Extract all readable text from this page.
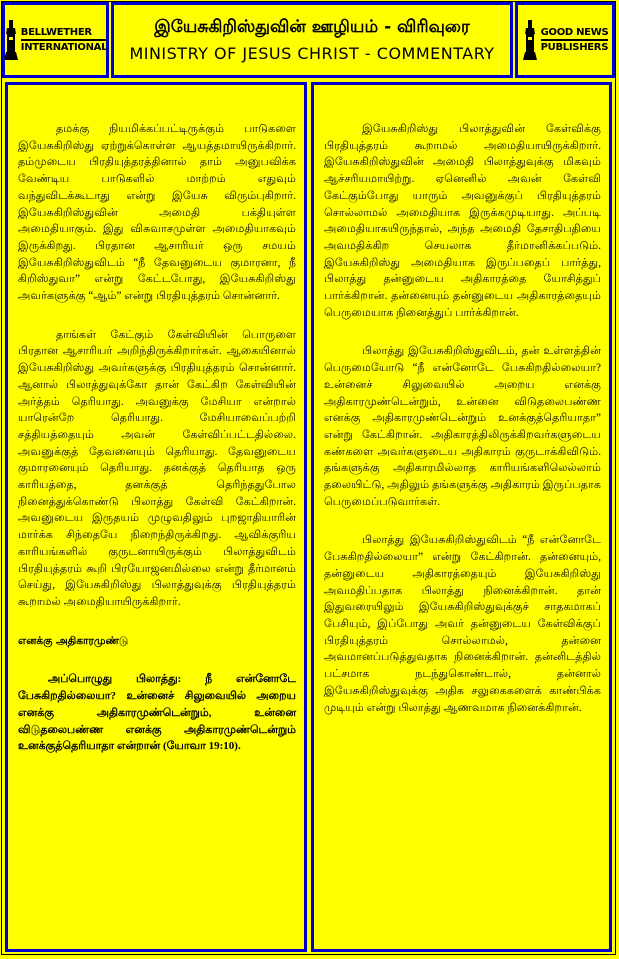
BELLWETHER
INTERNATIONAL
இயேசுகிறிஸ்துவின் ஊழியம் - விரிவுரை
MINISTRY OF JESUS CHRIST - COMMENTARY
GOOD NEWS
PUBLISHERS

தமக்கு நியமிக்கப்பட்டிருக்கும் பாடுகளை இயேசுகிறிஸ்து ஏற்றுக்கொள்ள ஆயத்தமாயிருக்கிறார். தம்முடைய பிரதியுத்தரத்தினால் தாம் அனுபவிக்க வேண்டிய பாடுகளில் மாற்றம் எதுவும் வந்துவிடக்கூடாது என்று இயேசு விரும்புகிறார். இயேசுகிறிஸ்துவின் அமைதி பக்தியுள்ள அமைதியாகும். இது விசுவாசமுள்ள அமைதியாகவும் இருக்கிறது. பிரதான ஆசாரியர் ஒரு சமயம் இயேசுகிறிஸ்துவிடம் “நீ தேவனுடைய குமாரனா, நீ கிறிஸ்துவா” என்று கேட்டபோது, இயேசுகிறிஸ்து அவர்களுக்கு “ஆம்” என்று பிரதியுத்தரம் சொன்னார்.

தாங்கள் கேட்கும் கேள்வியின் பொருளை பிரதான ஆசாரியர் அறிந்திருக்கிறார்கள். ஆகையினால் இயேசுகிறிஸ்து அவர்களுக்கு பிரதியுத்தரம் சொன்னார். ஆனால் பிலாத்துவுக்கோ தான் கேட்கிற கேள்வியின் அர்த்தம் தெரியாது. அவனுக்கு மேசியா என்றால் யாரென்றே தெரியாது. மேசியாவைப்பற்றி சத்தியத்தையும் அவன் கேள்விப்பட்டதில்லை. அவனுக்குத் தேவனையும் தெரியாது. தேவனுடைய குமாரனையும் தெரியாது. தனக்குத் தெரியாத ஒரு காரியத்தை, தனக்குத் தெரிந்ததுபோல நினைத்துக்கொண்டு பிலாத்து கேள்வி கேட்கிறான். அவனுடைய இருதயம் முழுவதிலும் புறஜாதியாரின் மார்க்க சிந்தையே நிறைந்திருக்கிறது. ஆவிக்குரிய காரியங்களில் குருடனாயிருக்கும் பிலாத்துவிடம் பிரதியுத்தரம் கூறி பிரயோஜனமில்லை என்று தீர்மானம் செய்து, இயேசுகிறிஸ்து பிலாத்துவுக்கு பிரதியுத்தரம் கூறாமல் அமைதியாயிருக்கிறார்.

எனக்கு அதிகாரமுண்டு

அப்பொழுது பிலாத்து: நீ என்னோடே பேசுகிறதில்லையா? உன்னைச் சிலுவையில் அறைய எனக்கு அதிகாரமுண்டென்றும், உன்னை விடுதலைபண்ண எனக்கு அதிகாரமுண்டென்றும் உனக்குத்தெரியாதா என்றான் (யோவா 19:10).

இயேசுகிறிஸ்து பிலாத்துவின் கேள்விக்கு பிரதியுத்தரம் கூறாமல் அமைதியாயிருக்கிறார். இயேசுகிறிஸ்துவின் அமைதி பிலாத்துவுக்கு மிகவும் ஆச்சரியமாயிற்று. ஏனெனில் அவன் கேள்வி கேட்கும்போது யாரும் அவனுக்குப் பிரதியுத்தரம் சொல்லாமல் அமைதியாக இருக்கமுடியாது. அப்படி அமைதியாகயிருந்தால், அந்த அமைதி தேசாதிபதியை அவமதிக்கிற செயலாக தீர்மானிக்கப்படும். இயேசுகிறிஸ்து அமைதியாக இருப்பதைப் பார்த்து, பிலாத்து தன்னுடைய அதிகாரத்தை யோசித்துப் பார்க்கிறான். தன்னையும் தன்னுடைய அதிகாரத்தையும் பெருமையாக நினைத்துப் பார்க்கிறான்.

பிலாத்து இயேசுகிறிஸ்துவிடம், தன் உள்ளத்தின் பெருமையோடு “நீ என்னோடே பேசுகிறதில்லையா? உன்னைச் சிலுவையில் அறைய எனக்கு அதிகாரமுண்டென்றும், உன்னை விடுதலைபண்ண எனக்கு அதிகாரமுண்டென்றும் உனக்குத்தெரியாதா” என்று கேட்கிறான். அதிகாரத்திலிருக்கிறவர்களுடைய கண்களை அவர்களுடைய அதிகாரம் குருடாக்கிவிடும். தங்களுக்கு அதிகாரமில்லாத காரியங்களிலெல்லாம் தலையிட்டு, அதிலும் தங்களுக்கு அதிகாரம் இருப்பதாக பெருமைப்படுவார்கள்.

பிலாத்து இயேசுகிறிஸ்துவிடம் “நீ என்னோடே பேசுகிறதில்லையா” என்று கேட்கிறான். தன்னையும், தன்னுடைய அதிகாரத்தையும் இயேசுகிறிஸ்து அவமதிப்பதாக பிலாத்து நினைக்கிறான். தான் இதுவரையிலும் இயேசுகிறிஸ்துவுக்குச் சாதகமாகப் பேசியும், இப்போது அவர் தன்னுடைய கேள்விக்குப் பிரதியுத்தரம் சொல்லாமல், தன்னை அவமானப்படுத்துவதாக நினைக்கிறான். தன்னிடத்தில் பட்சமாக நடந்துகொண்டால், தன்னால் இயேசுகிறிஸ்துவுக்கு அதிக சலுகைகளைக் காண்பிக்க முடியும் என்று பிலாத்து ஆணவமாக நினைக்கிறான்.
